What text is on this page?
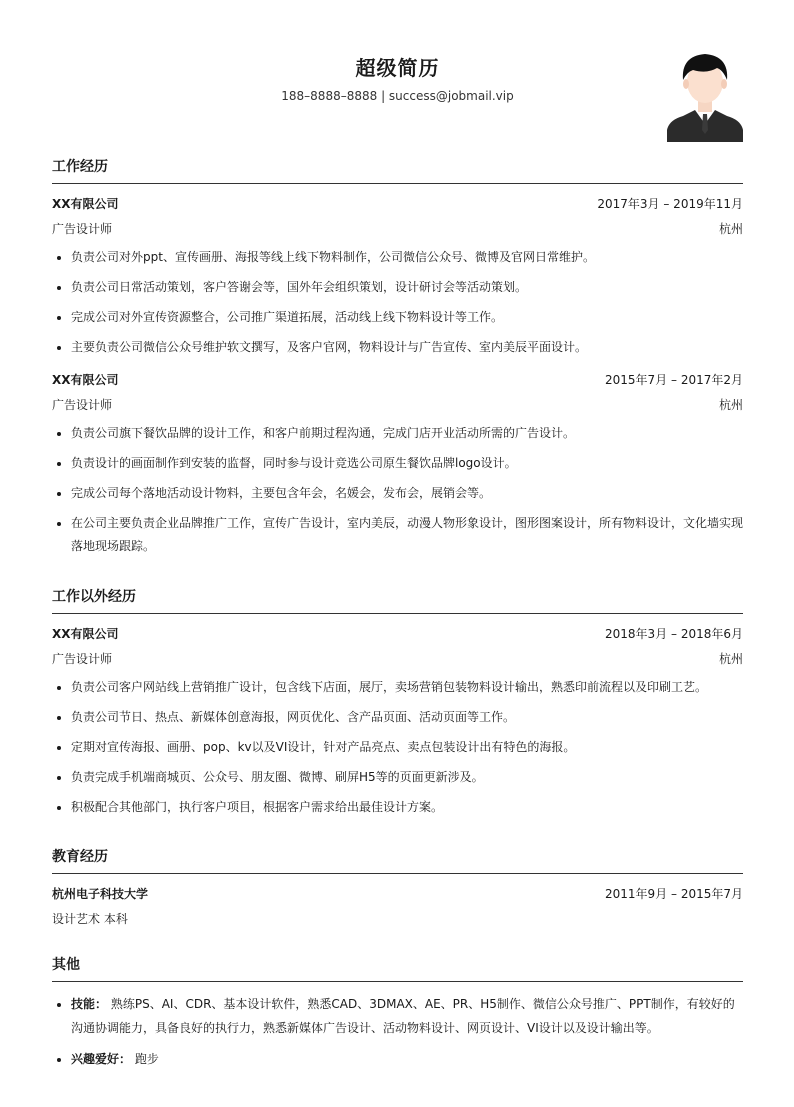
超级简历
188–8888–8888 | success@jobmail.vip
工作经历
XX有限公司	2017年3月 – 2019年11月
广告设计师	杭州
• 负责公司对外ppt、宣传画册、海报等线上线下物料制作，公司微信公众号、微博及官网日常维护。
• 负责公司日常活动策划，客户答谢会等，国外年会组织策划，设计研讨会等活动策划。
• 完成公司对外宣传资源整合，公司推广渠道拓展，活动线上线下物料设计等工作。
• 主要负责公司微信公众号维护软文撰写，及客户官网，物料设计与广告宣传、室内美辰平面设计。
XX有限公司	2015年7月 – 2017年2月
广告设计师	杭州
• 负责公司旗下餐饮品牌的设计工作，和客户前期过程沟通，完成门店开业活动所需的广告设计。
• 负责设计的画面制作到安装的监督，同时参与设计竞选公司原生餐饮品牌logo设计。
• 完成公司每个落地活动设计物料，主要包含年会，名媛会，发布会，展销会等。
• 在公司主要负责企业品牌推广工作，宣传广告设计，室内美辰，动漫人物形象设计，图形图案设计，所有物料设计，文化墙实现落地现场跟踪。
工作以外经历
XX有限公司	2018年3月 – 2018年6月
广告设计师	杭州
• 负责公司客户网站线上营销推广设计，包含线下店面，展厅，卖场营销包装物料设计输出，熟悉印前流程以及印刷工艺。
• 负责公司节日、热点、新媒体创意海报，网页优化、含产品页面、活动页面等工作。
• 定期对宣传海报、画册、pop、kv以及VI设计，针对产品亮点、卖点包装设计出有特色的海报。
• 负责完成手机端商城页、公众号、朋友圈、微博、刷屏H5等的页面更新涉及。
• 积极配合其他部门，执行客户项目，根据客户需求给出最佳设计方案。
教育经历
杭州电子科技大学	2011年9月 – 2015年7月
设计艺术 本科
其他
• 技能： 熟练PS、AI、CDR、基本设计软件，熟悉CAD、3DMAX、AE、PR、H5制作、微信公众号推广、PPT制作，有较好的沟通协调能力，具备良好的执行力，熟悉新媒体广告设计、活动物料设计、网页设计、VI设计以及设计输出等。
• 兴趣爱好： 跑步
